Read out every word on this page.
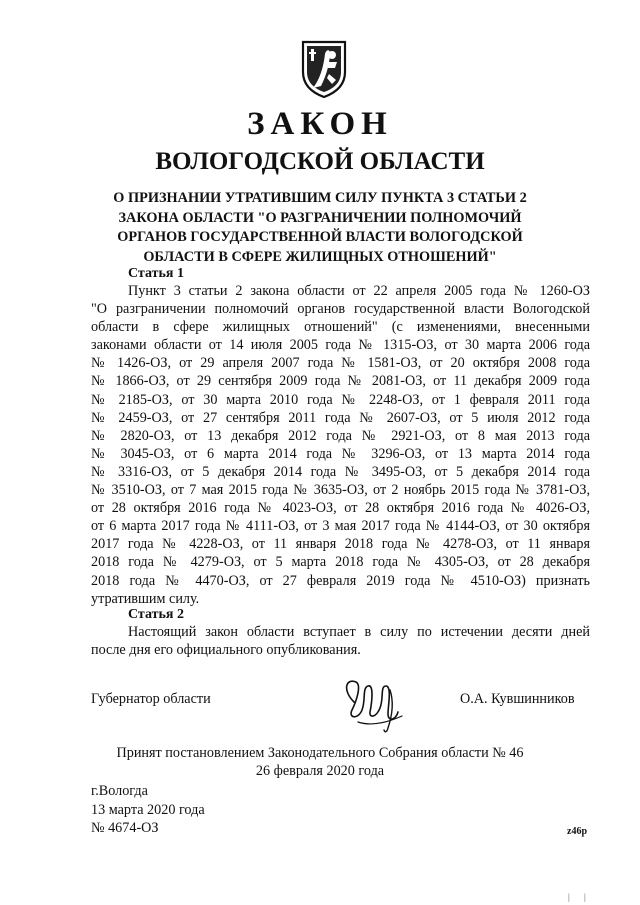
ЗАКОН
ВОЛОГОДСКОЙ ОБЛАСТИ
О ПРИЗНАНИИ УТРАТИВШИМ СИЛУ ПУНКТА 3 СТАТЬИ 2
ЗАКОНА ОБЛАСТИ "О РАЗГРАНИЧЕНИИ ПОЛНОМОЧИЙ
ОРГАНОВ ГОСУДАРСТВЕННОЙ ВЛАСТИ ВОЛОГОДСКОЙ
ОБЛАСТИ В СФЕРЕ ЖИЛИЩНЫХ ОТНОШЕНИЙ"
Статья 1
Пункт 3 статьи 2 закона области от 22 апреля 2005 года № 1260-ОЗ
"О разграничении полномочий органов государственной власти Вологодской
области в сфере жилищных отношений" (с изменениями, внесенными
законами области от 14 июля 2005 года № 1315-ОЗ, от 30 марта 2006 года
№ 1426-ОЗ, от 29 апреля 2007 года № 1581-ОЗ, от 20 октября 2008 года
№ 1866-ОЗ, от 29 сентября 2009 года № 2081-ОЗ, от 11 декабря 2009 года
№ 2185-ОЗ, от 30 марта 2010 года № 2248-ОЗ, от 1 февраля 2011 года
№ 2459-ОЗ, от 27 сентября 2011 года № 2607-ОЗ, от 5 июля 2012 года
№ 2820-ОЗ, от 13 декабря 2012 года № 2921-ОЗ, от 8 мая 2013 года
№ 3045-ОЗ, от 6 марта 2014 года № 3296-ОЗ, от 13 марта 2014 года
№ 3316-ОЗ, от 5 декабря 2014 года № 3495-ОЗ, от 5 декабря 2014 года
№ 3510-ОЗ, от 7 мая 2015 года № 3635-ОЗ, от 2 ноябрь 2015 года № 3781-ОЗ,
от 28 октября 2016 года № 4023-ОЗ, от 28 октября 2016 года № 4026-ОЗ,
от 6 марта 2017 года № 4111-ОЗ, от 3 мая 2017 года № 4144-ОЗ, от 30 октября
2017 года № 4228-ОЗ, от 11 января 2018 года № 4278-ОЗ, от 11 января
2018 года № 4279-ОЗ, от 5 марта 2018 года № 4305-ОЗ, от 28 декабря
2018 года № 4470-ОЗ, от 27 февраля 2019 года № 4510-ОЗ) признать
утратившим силу.
Статья 2
Настоящий закон области вступает в силу по истечении десяти дней
после дня его официального опубликования.
Губернатор области	О.А. Кувшинников
Принят постановлением Законодательного Собрания области № 46
26 февраля 2020 года
г.Вологда
13 марта 2020 года
№ 4674-ОЗ	z46p
| |
